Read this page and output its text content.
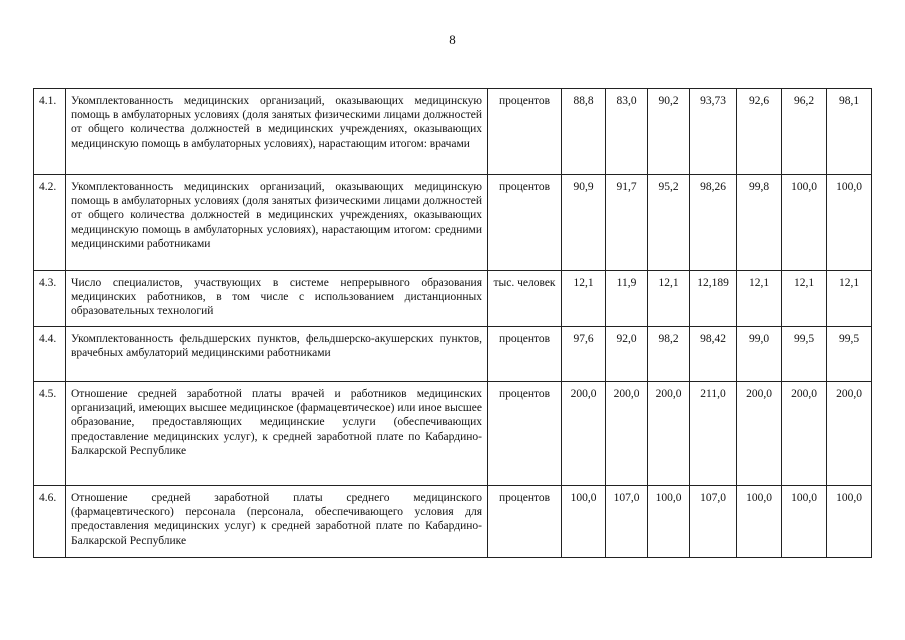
8
4.1.	Укомплектованность медицинских организаций, оказывающих медицинскую помощь в амбулаторных условиях (доля занятых физическими лицами должностей от общего количества должностей в медицинских учреждениях, оказывающих медицинскую помощь в амбулаторных условиях), нарастающим итогом: врачами	процентов	88,8	83,0	90,2	93,73	92,6	96,2	98,1
4.2.	Укомплектованность медицинских организаций, оказывающих медицинскую помощь в амбулаторных условиях (доля занятых физическими лицами должностей от общего количества должностей в медицинских учреждениях, оказывающих медицинскую помощь в амбулаторных условиях), нарастающим итогом: средними медицинскими работниками	процентов	90,9	91,7	95,2	98,26	99,8	100,0	100,0
4.3.	Число специалистов, участвующих в системе непрерывного образования медицинских работников, в том числе с использованием дистанционных образовательных технологий	тыс. человек	12,1	11,9	12,1	12,189	12,1	12,1	12,1
4.4.	Укомплектованность фельдшерских пунктов, фельдшерско-акушерских пунктов, врачебных амбулаторий медицинскими работниками	процентов	97,6	92,0	98,2	98,42	99,0	99,5	99,5
4.5.	Отношение средней заработной платы врачей и работников медицинских организаций, имеющих высшее медицинское (фармацевтическое) или иное высшее образование, предоставляющих медицинские услуги (обеспечивающих предоставление медицинских услуг), к средней заработной плате по Кабардино-Балкарской Республике	процентов	200,0	200,0	200,0	211,0	200,0	200,0	200,0
4.6.	Отношение средней заработной платы среднего медицинского (фармацевтического) персонала (персонала, обеспечивающего условия для предоставления медицинских услуг) к средней заработной плате по Кабардино-Балкарской Республике	процентов	100,0	107,0	100,0	107,0	100,0	100,0	100,0
